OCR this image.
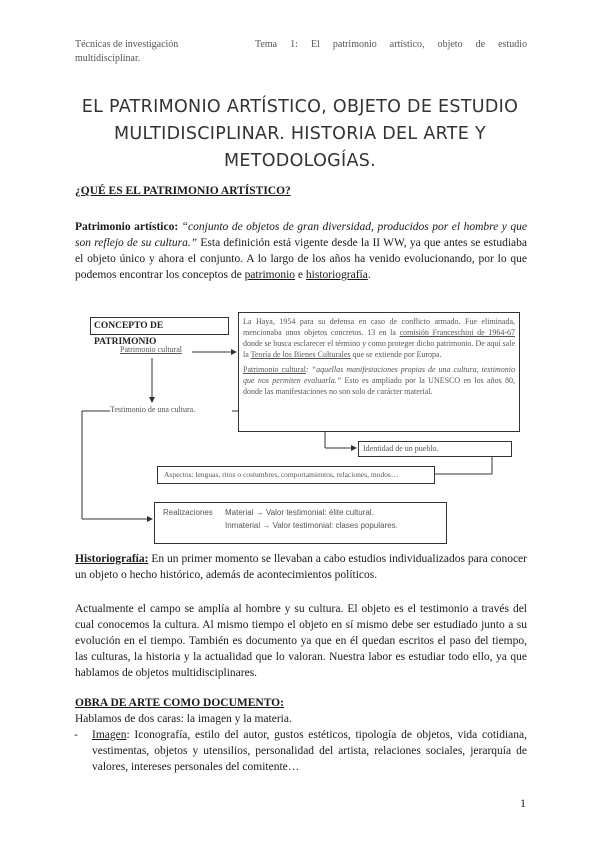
Técnicas de investigación multidisciplinar.
Tema 1: El patrimonio artístico, objeto de estudio
EL PATRIMONIO ARTÍSTICO, OBJETO DE ESTUDIO MULTIDISCIPLINAR. HISTORIA DEL ARTE Y METODOLOGÍAS.
¿QUÉ ES EL PATRIMONIO ARTÍSTICO?
Patrimonio artístico: “conjunto de objetos de gran diversidad, producidos por el hombre y que son reflejo de su cultura.” Esta definición está vigente desde la II WW, ya que antes se estudiaba el objeto único y ahora el conjunto. A lo largo de los años ha venido evolucionando, por lo que podemos encontrar los conceptos de patrimonio e historiografía.
CONCEPTO DE PATRIMONIO
Patrimonio cultural
Testimonio de una cultura.
La Haya, 1954 para su defensa en caso de conflicto armado. Fue eliminada, mencionaba unos objetos concretos. 13 en la comisión Franceschini de 1964-67 donde se busca esclarecer el término y como proteger dicho patrimonio. De aquí sale la Teoría de los Bienes Culturales que se extiende por Europa.
Patrimonio cultural: “aquellas manifestaciones propias de una cultura, testimonio que nos permiten evaluarla.” Esto es ampliado por la UNESCO en los años 80, donde las manifestaciones no son solo de carácter material.
Identidad de un pueblo.
Aspectos: lenguas, ritos o costumbres, comportamientos, relaciones, modos…
Realizaciones Material → Valor testimonial: élite cultural.
Inmaterial → Valor testimonial: clases populares.
Historiografía: En un primer momento se llevaban a cabo estudios individualizados para conocer un objeto o hecho histórico, además de acontecimientos políticos.
Actualmente el campo se amplía al hombre y su cultura. El objeto es el testimonio a través del cual conocemos la cultura. Al mismo tiempo el objeto en sí mismo debe ser estudiado junto a su evolución en el tiempo. También es documento ya que en él quedan escritos el paso del tiempo, las culturas, la historia y la actualidad que lo valoran. Nuestra labor es estudiar todo ello, ya que hablamos de objetos multidisciplinares.
OBRA DE ARTE COMO DOCUMENTO:
Hablamos de dos caras: la imagen y la materia.
- Imagen: Iconografía, estilo del autor, gustos estéticos, tipología de objetos, vida cotidiana, vestimentas, objetos y utensilios, personalidad del artista, relaciones sociales, jerarquía de valores, intereses personales del comitente…
1
